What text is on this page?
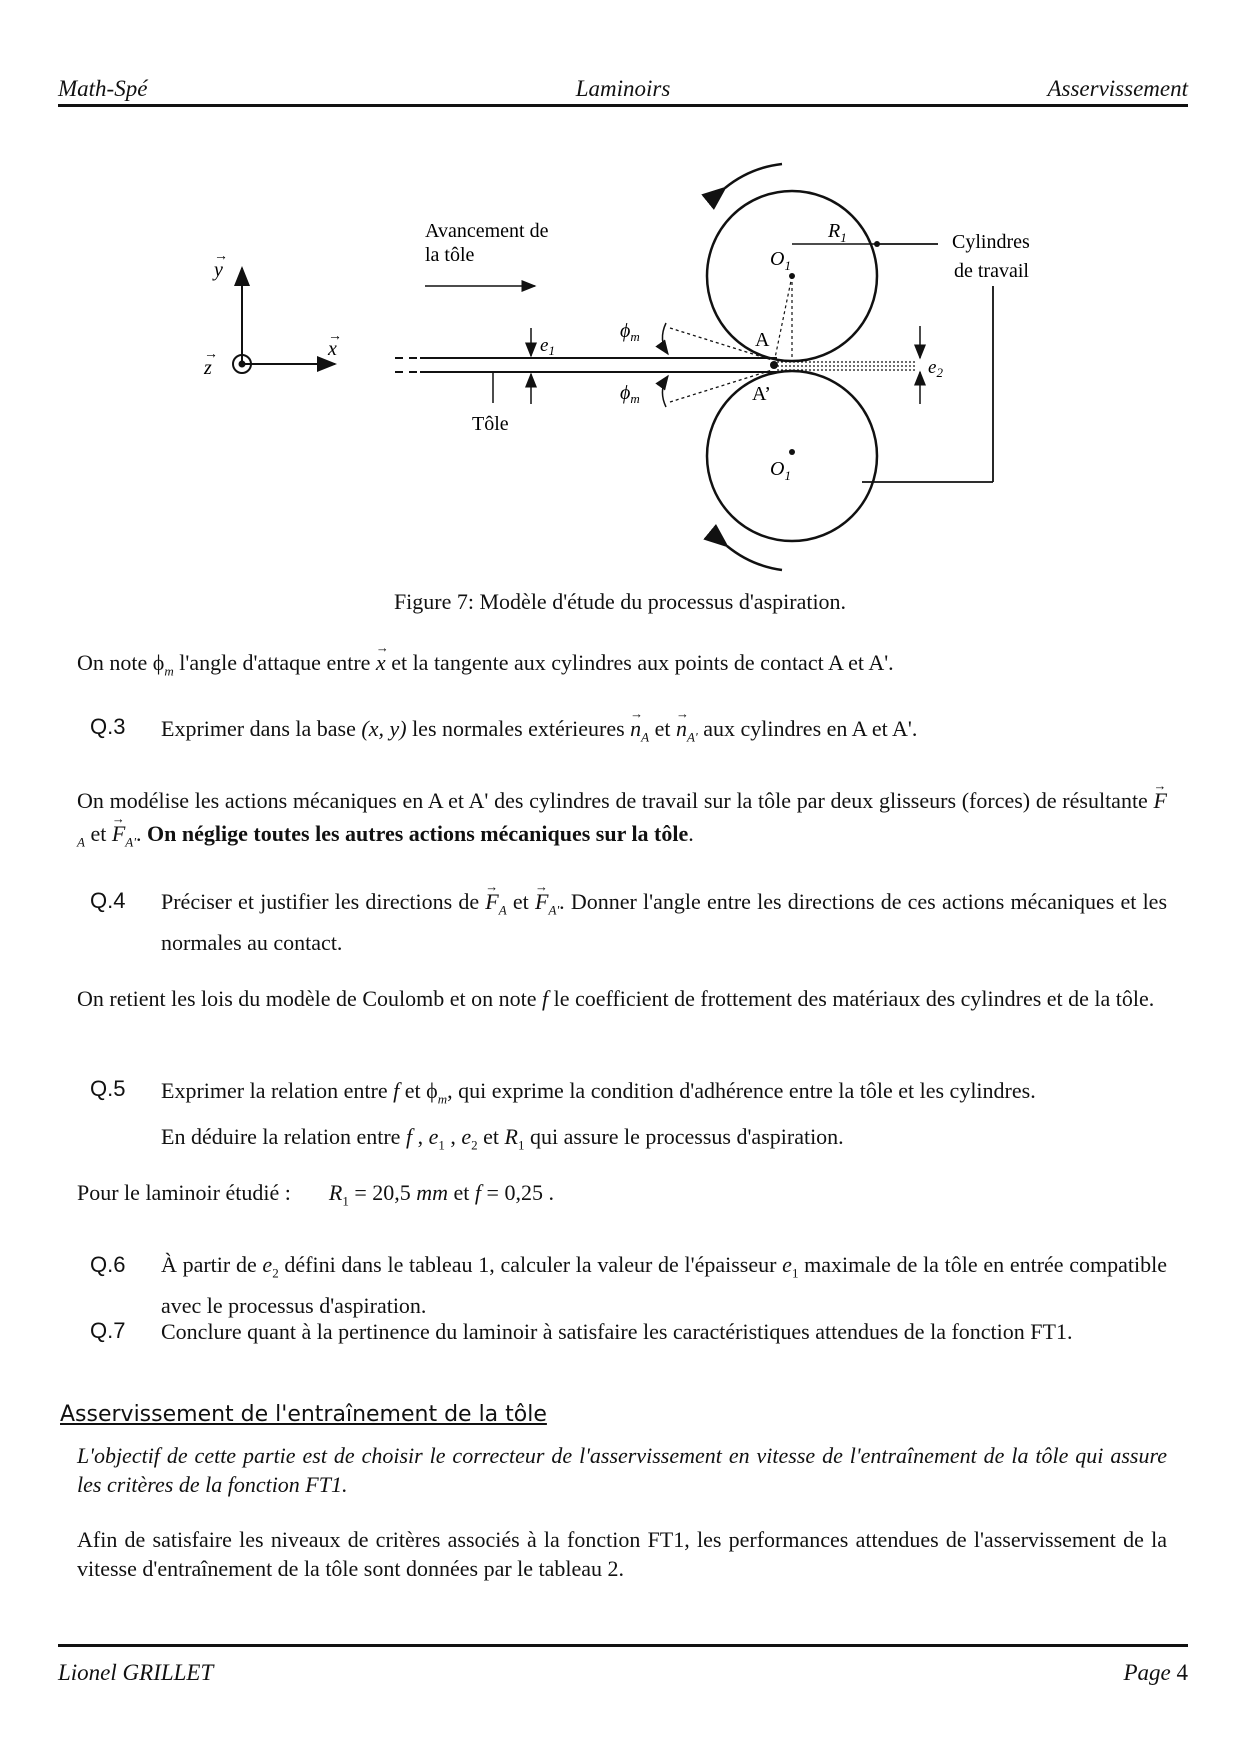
Math-Spé	Laminoirs	Asservissement
y
x
z
→
→
→
Avancement de
la tôle
Tôle
$e_1$
$O_1$
$R_1$
A
$O_1$
A’
$\phi_m$
$\phi_m$
$e_2$
Cylindres
de travail
Figure 7: Modèle d'étude du processus d'aspiration.
On note $\phi_m$ l'angle d'attaque entre → x et la tangente aux cylindres aux points de contact A et A'.
Q.3 Exprimer dans la base (x, y) les normales extérieures → $n_A$ et → $n_{A'}$ aux cylindres en A et A'.
On modélise les actions mécaniques en A et A' des cylindres de travail sur la tôle par deux glisseurs (forces) de résultante → $F_A$ et → $F_{A'}$. On néglige toutes les autres actions mécaniques sur la tôle.
Q.4 Préciser et justifier les directions de → $F_A$ et → $F_{A'}$. Donner l'angle entre les directions de ces actions mécaniques et les normales au contact.
On retient les lois du modèle de Coulomb et on note f le coefficient de frottement des matériaux des cylindres et de la tôle.
Q.5 Exprimer la relation entre f et $\phi_m$, qui exprime la condition d'adhérence entre la tôle et les cylindres.
En déduire la relation entre f , $e_1$ , $e_2$ et $R_1$ qui assure le processus d'aspiration.
Pour le laminoir étudié : $R_1 = 20,5$ mm et f = 0,25 .
Q.6 À partir de $e_2$ défini dans le tableau 1, calculer la valeur de l'épaisseur $e_1$ maximale de la tôle en entrée compatible avec le processus d'aspiration.
Q.7 Conclure quant à la pertinence du laminoir à satisfaire les caractéristiques attendues de la fonction FT1.
Asservissement de l'entraînement de la tôle
L'objectif de cette partie est de choisir le correcteur de l'asservissement en vitesse de l'entraînement de la tôle qui assure les critères de la fonction FT1.
Afin de satisfaire les niveaux de critères associés à la fonction FT1, les performances attendues de l'asservissement de la vitesse d'entraînement de la tôle sont données par le tableau 2.
Lionel GRILLET	Page 4
